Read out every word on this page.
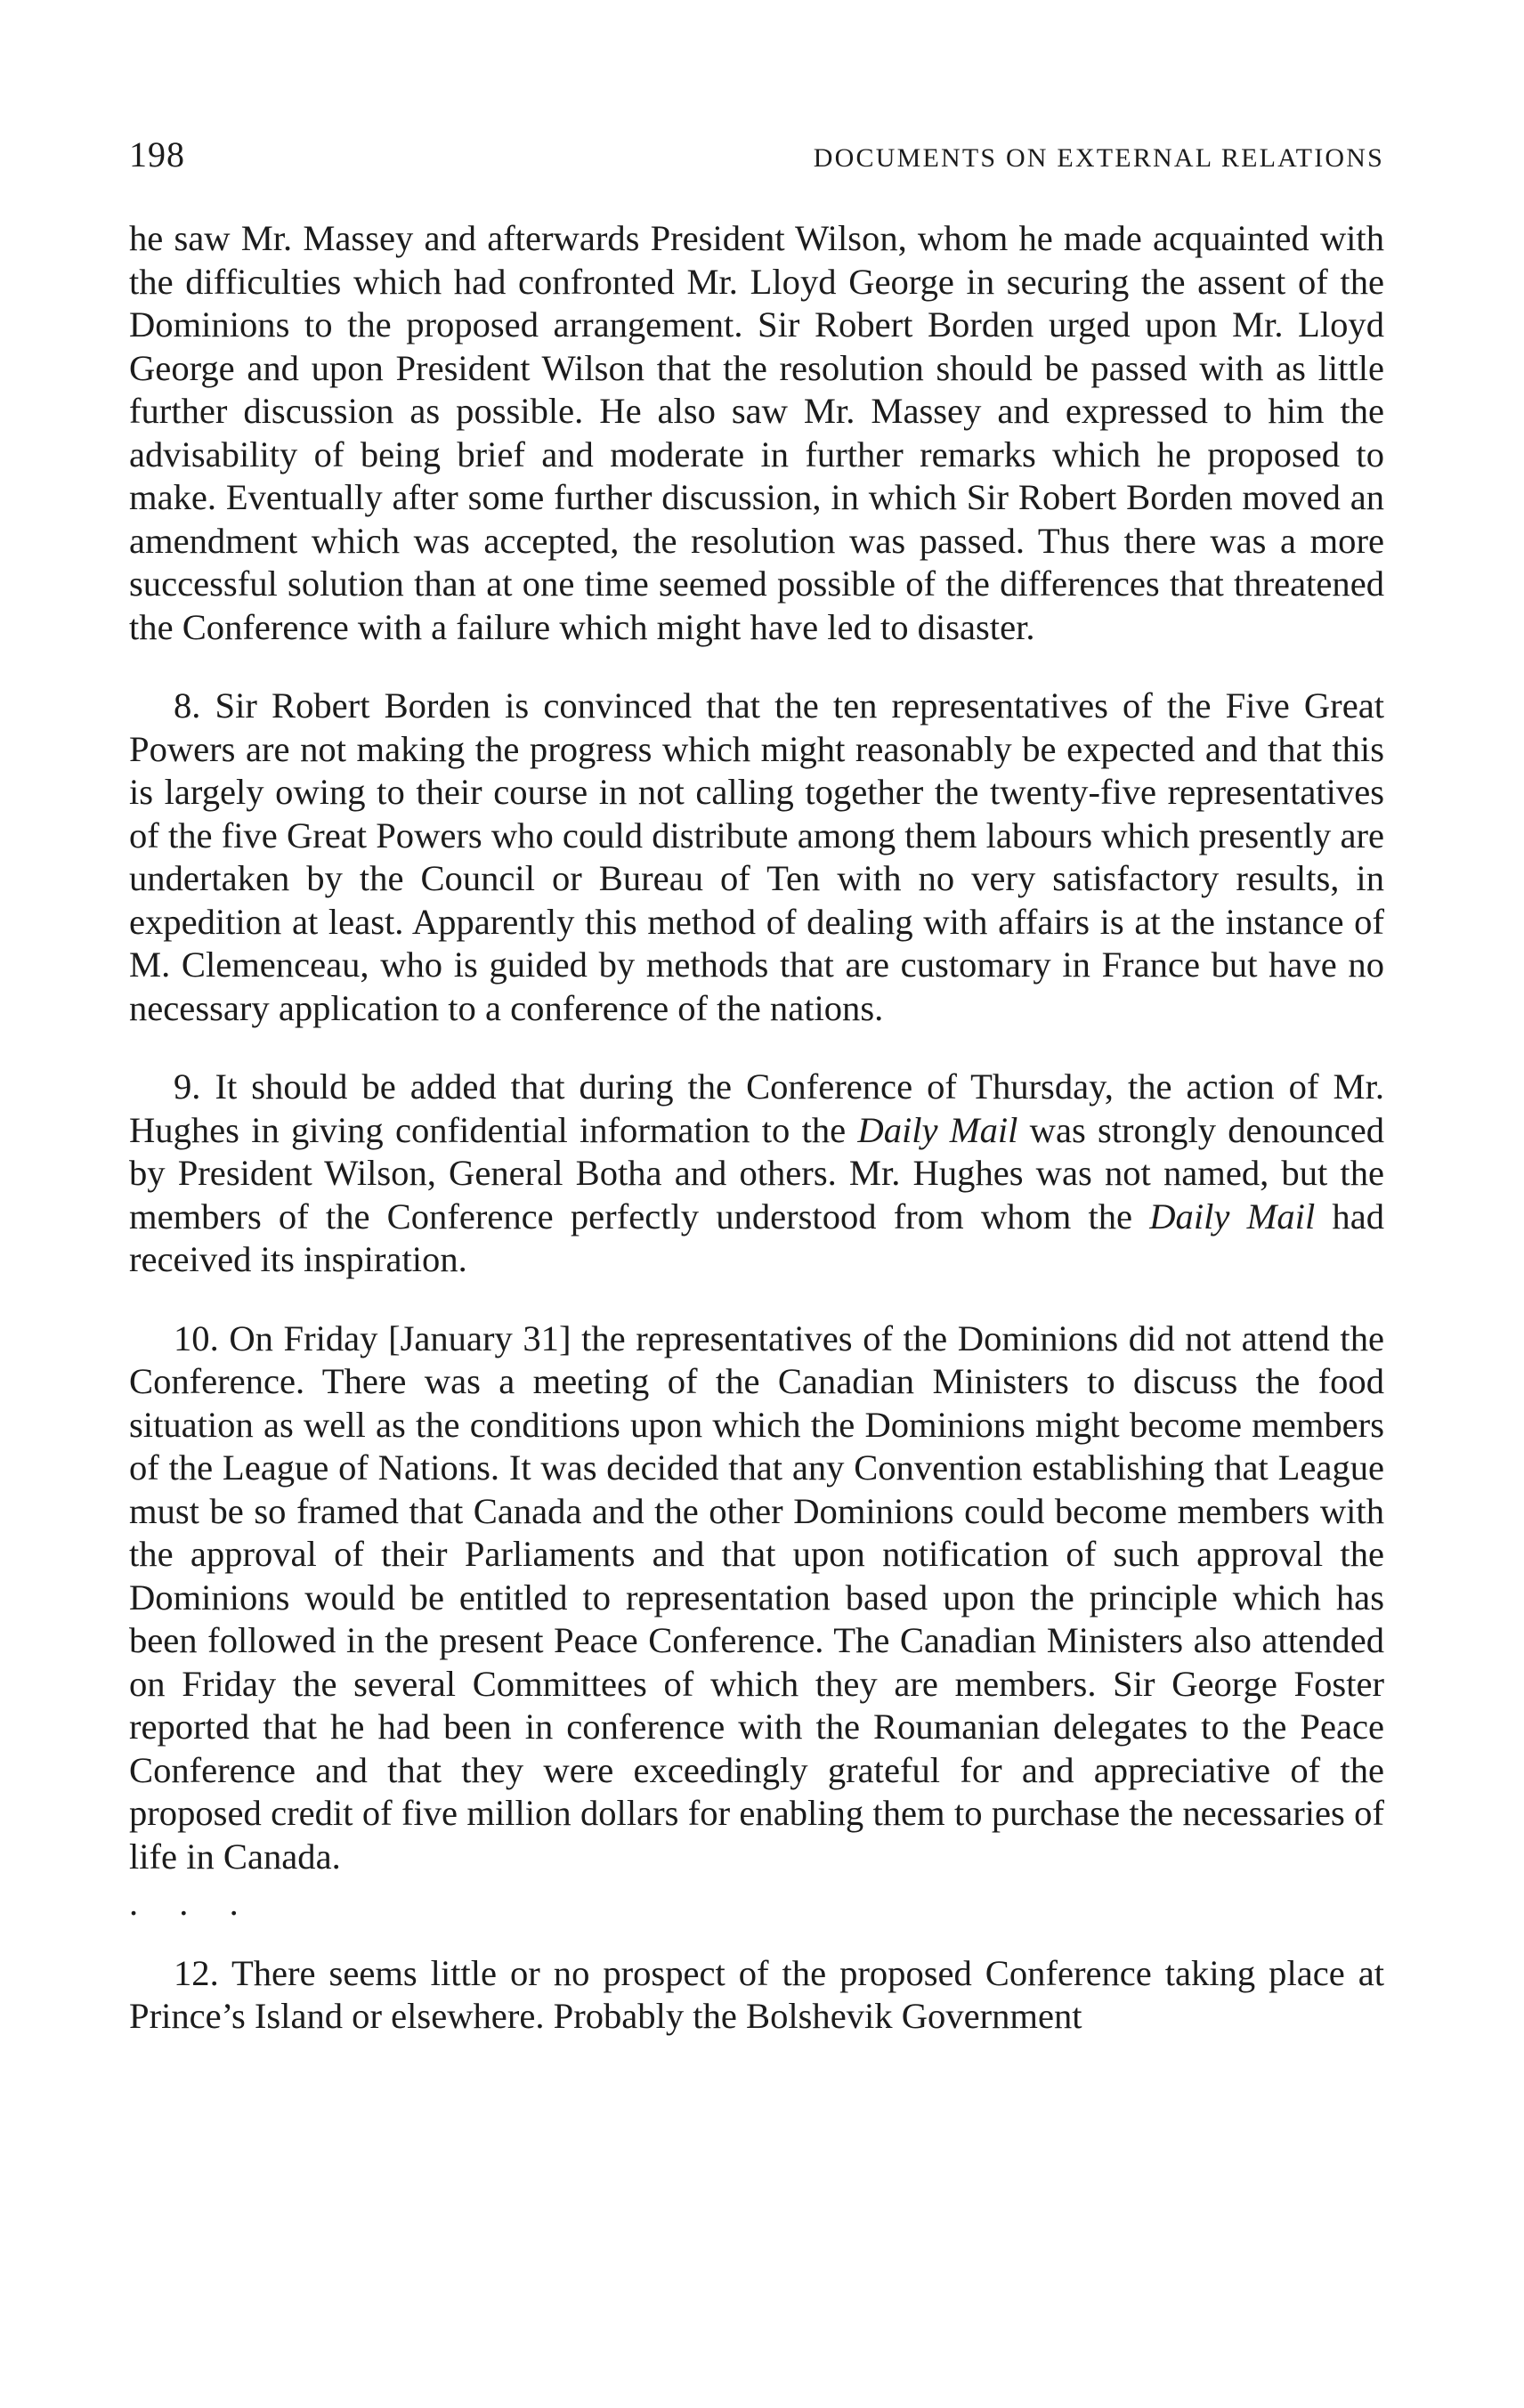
198	DOCUMENTS ON EXTERNAL RELATIONS

he saw Mr. Massey and afterwards President Wilson, whom he made acquainted with the difficulties which had confronted Mr. Lloyd George in securing the assent of the Dominions to the proposed arrangement. Sir Robert Borden urged upon Mr. Lloyd George and upon President Wilson that the resolution should be passed with as little further discussion as possible. He also saw Mr. Massey and expressed to him the advisability of being brief and moderate in further remarks which he proposed to make. Eventually after some further discussion, in which Sir Robert Borden moved an amendment which was accepted, the resolution was passed. Thus there was a more successful solution than at one time seemed possible of the differences that threatened the Conference with a failure which might have led to disaster.

8. Sir Robert Borden is convinced that the ten representatives of the Five Great Powers are not making the progress which might reasonably be expected and that this is largely owing to their course in not calling together the twenty-five representatives of the five Great Powers who could distribute among them labours which presently are undertaken by the Council or Bureau of Ten with no very satisfactory results, in expedition at least. Apparently this method of dealing with affairs is at the instance of M. Clemenceau, who is guided by methods that are customary in France but have no necessary application to a conference of the nations.

9. It should be added that during the Conference of Thursday, the action of Mr. Hughes in giving confidential information to the Daily Mail was strongly denounced by President Wilson, General Botha and others. Mr. Hughes was not named, but the members of the Conference perfectly understood from whom the Daily Mail had received its inspiration.

10. On Friday [January 31] the representatives of the Dominions did not attend the Conference. There was a meeting of the Canadian Ministers to discuss the food situation as well as the conditions upon which the Dominions might become members of the League of Nations. It was decided that any Convention establishing that League must be so framed that Canada and the other Dominions could become members with the approval of their Parliaments and that upon notification of such approval the Dominions would be entitled to representation based upon the principle which has been followed in the present Peace Conference. The Canadian Ministers also attended on Friday the several Committees of which they are members. Sir George Foster reported that he had been in conference with the Roumanian delegates to the Peace Conference and that they were exceedingly grateful for and appreciative of the proposed credit of five million dollars for enabling them to purchase the necessaries of life in Canada.

. . .

12. There seems little or no prospect of the proposed Conference taking place at Prince’s Island or elsewhere. Probably the Bolshevik Government
